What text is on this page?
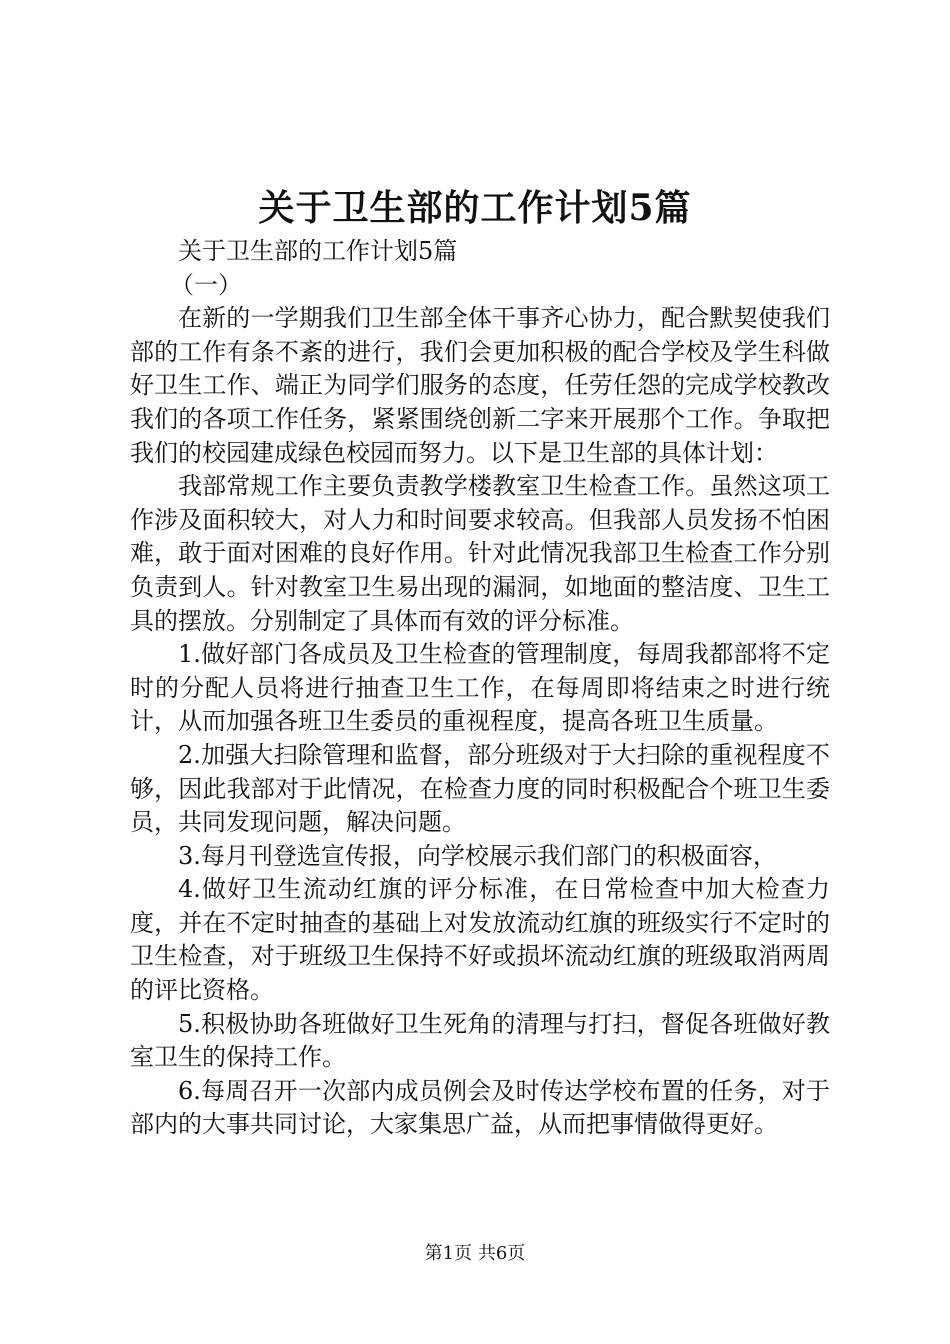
关于卫生部的工作计划5篇

关于卫生部的工作计划5篇

（一）

在新的一学期我们卫生部全体干事齐心协力，配合默契使我们部的工作有条不紊的进行，我们会更加积极的配合学校及学生科做好卫生工作、端正为同学们服务的态度，任劳任怨的完成学校教改我们的各项工作任务，紧紧围绕创新二字来开展那个工作。争取把我们的校园建成绿色校园而努力。以下是卫生部的具体计划：

我部常规工作主要负责教学楼教室卫生检查工作。虽然这项工作涉及面积较大，对人力和时间要求较高。但我部人员发扬不怕困难，敢于面对困难的良好作用。针对此情况我部卫生检查工作分别负责到人。针对教室卫生易出现的漏洞，如地面的整洁度、卫生工具的摆放。分别制定了具体而有效的评分标准。

1.做好部门各成员及卫生检查的管理制度，每周我都部将不定时的分配人员将进行抽查卫生工作，在每周即将结束之时进行统计，从而加强各班卫生委员的重视程度，提高各班卫生质量。

2.加强大扫除管理和监督，部分班级对于大扫除的重视程度不够，因此我部对于此情况，在检查力度的同时积极配合个班卫生委员，共同发现问题，解决问题。

3.每月刊登选宣传报，向学校展示我们部门的积极面容，

4.做好卫生流动红旗的评分标准，在日常检查中加大检查力度，并在不定时抽查的基础上对发放流动红旗的班级实行不定时的卫生检查，对于班级卫生保持不好或损坏流动红旗的班级取消两周的评比资格。

5.积极协助各班做好卫生死角的清理与打扫，督促各班做好教室卫生的保持工作。

6.每周召开一次部内成员例会及时传达学校布置的任务，对于部内的大事共同讨论，大家集思广益，从而把事情做得更好。

第1页 共6页
